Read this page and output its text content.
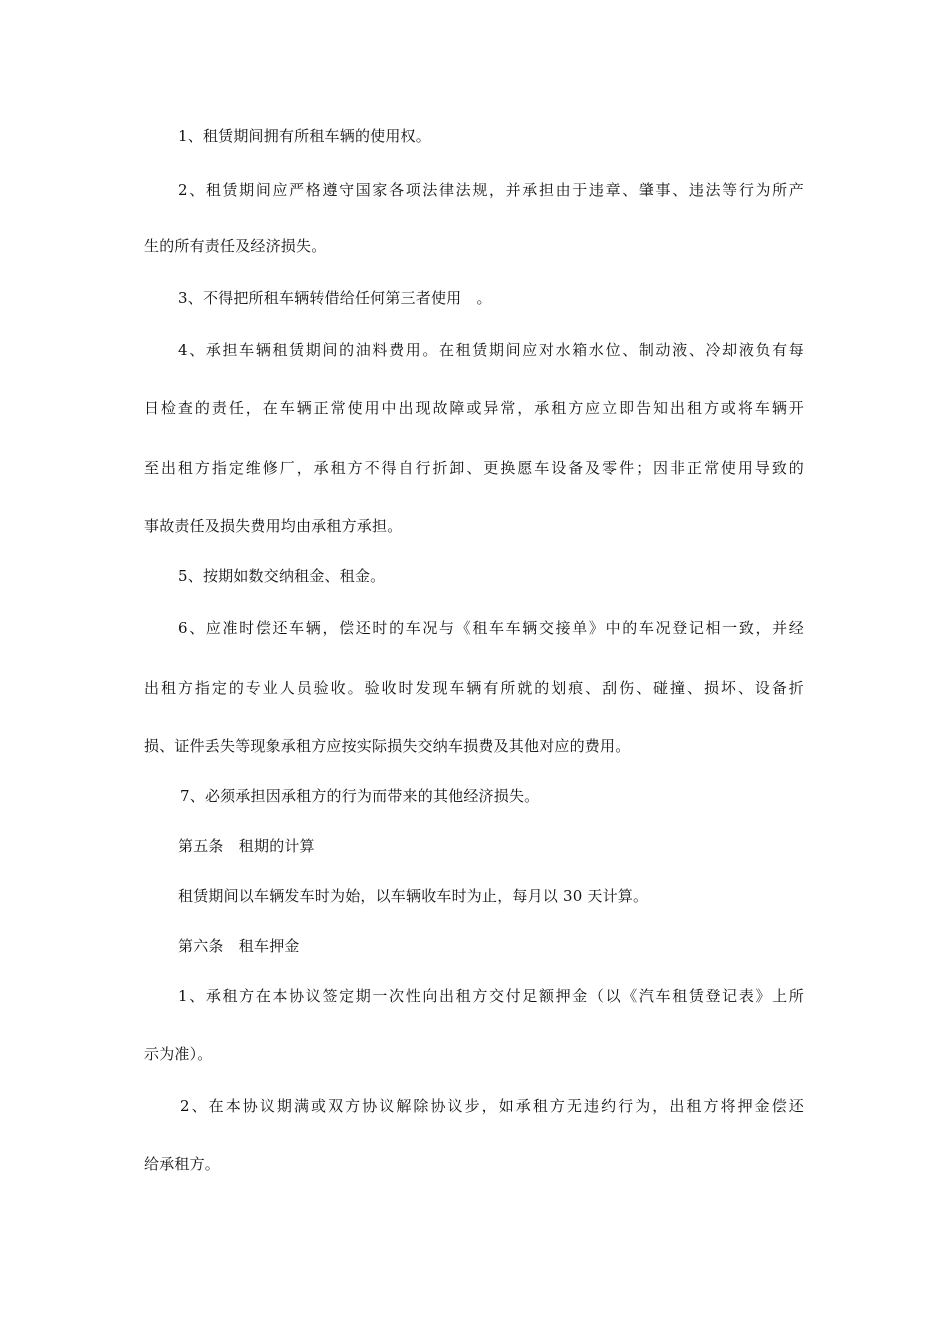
1、租赁期间拥有所租车辆的使用权。
2、租赁期间应严格遵守国家各项法律法规，并承担由于违章、肇事、违法等行为所产
生的所有责任及经济损失。
3、不得把所租车辆转借给任何第三者使用　。
4、承担车辆租赁期间的油料费用。在租赁期间应对水箱水位、制动液、冷却液负有每
日检查的责任，在车辆正常使用中出现故障或异常，承租方应立即告知出租方或将车辆开
至出租方指定维修厂，承租方不得自行折卸、更换愿车设备及零件；因非正常使用导致的
事故责任及损失费用均由承租方承担。
5、按期如数交纳租金、租金。
6、应准时偿还车辆，偿还时的车况与《租车车辆交接单》中的车况登记相一致，并经
出租方指定的专业人员验收。验收时发现车辆有所就的划痕、刮伤、碰撞、损坏、设备折
损、证件丢失等现象承租方应按实际损失交纳车损费及其他对应的费用。
7、必须承担因承租方的行为而带来的其他经济损失。
第五条　租期的计算
租赁期间以车辆发车时为始，以车辆收车时为止，每月以 30 天计算。
第六条　租车押金
1、承租方在本协议签定期一次性向出租方交付足额押金（以《汽车租赁登记表》上所
示为准）。
2、在本协议期满或双方协议解除协议步，如承租方无违约行为，出租方将押金偿还
给承租方。
